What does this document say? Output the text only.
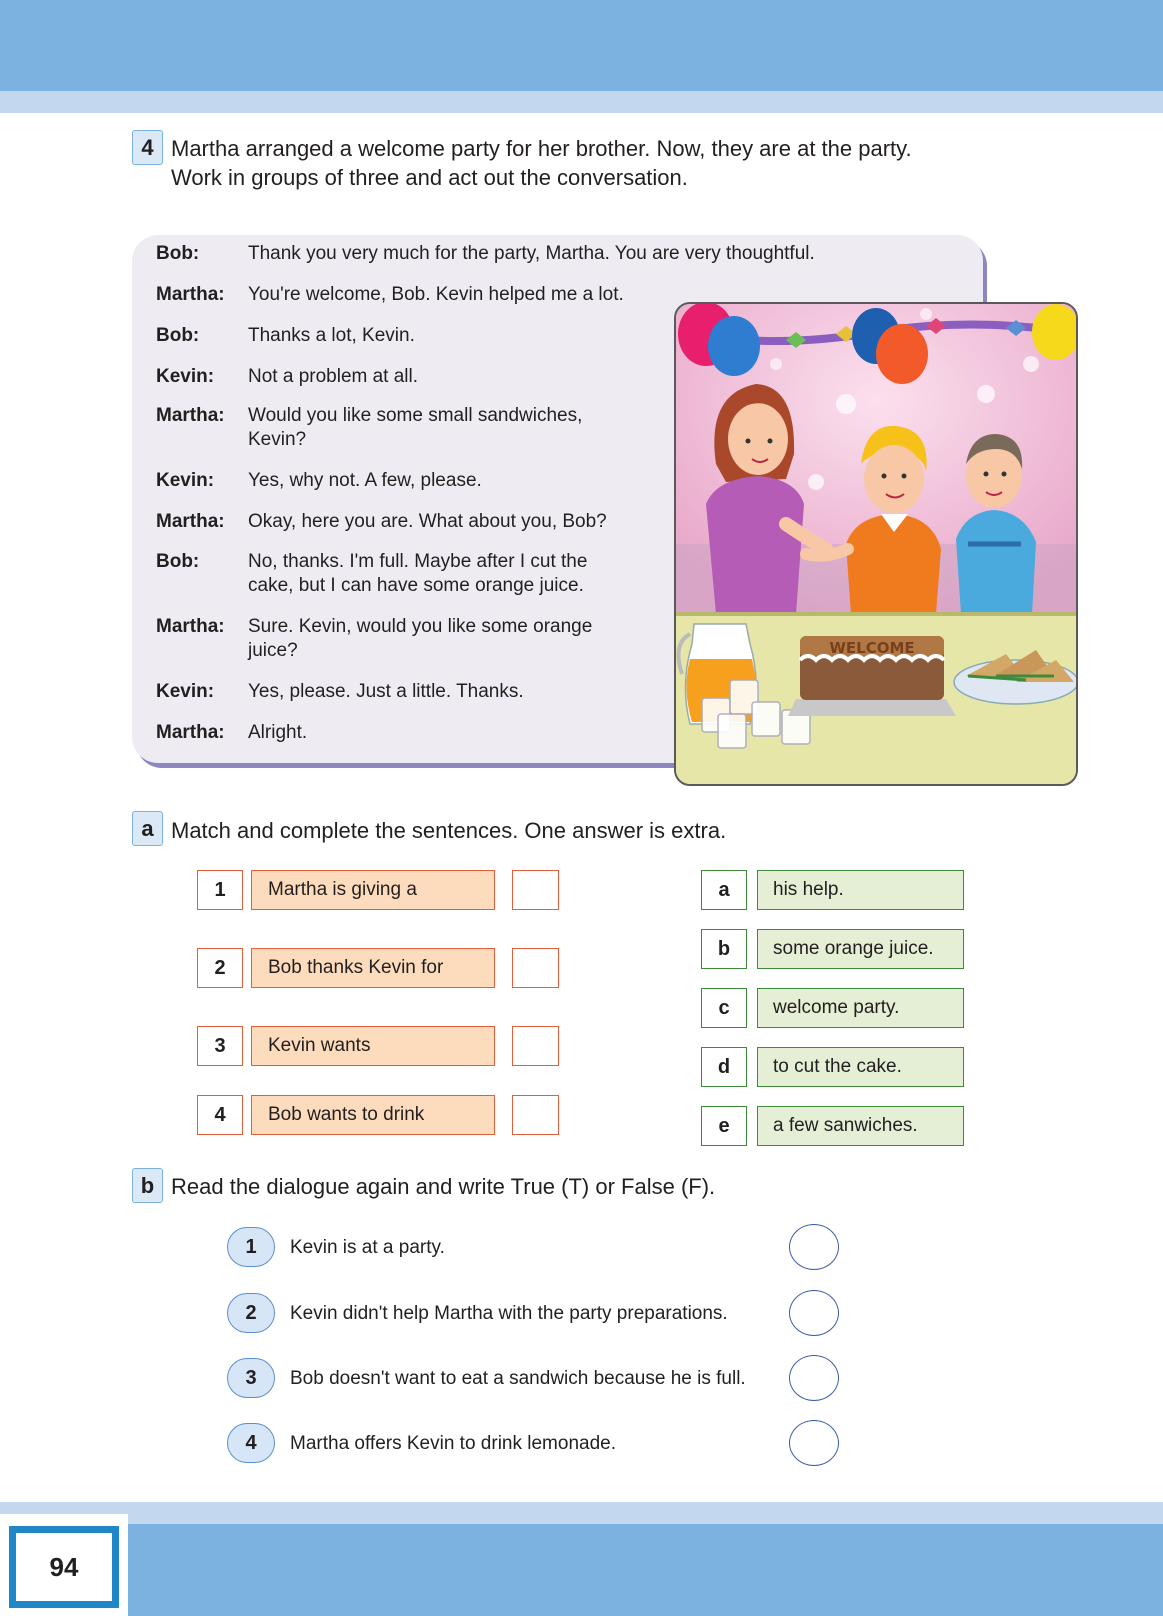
4 Martha arranged a welcome party for her brother. Now, they are at the party.
Work in groups of three and act out the conversation.
Bob:	Thank you very much for the party, Martha. You are very thoughtful.
Martha:	You're welcome, Bob. Kevin helped me a lot.
Bob:	Thanks a lot, Kevin.
Kevin:	Not a problem at all.
Martha:	Would you like some small sandwiches,
Kevin?
Kevin:	Yes, why not. A few, please.
Martha:	Okay, here you are. What about you, Bob?
Bob:	No, thanks. I'm full. Maybe after I cut the
cake, but I can have some orange juice.
Martha:	Sure. Kevin, would you like some orange
juice?
Kevin:	Yes, please. Just a little. Thanks.
Martha:	Alright.
WELCOME
a Match and complete the sentences. One answer is extra.
1	Martha is giving a
2	Bob thanks Kevin for
3	Kevin wants
4	Bob wants to drink
a	his help.
b	some orange juice.
c	welcome party.
d	to cut the cake.
e	a few sanwiches.
b Read the dialogue again and write True (T) or False (F).
1	Kevin is at a party.
2	Kevin didn't help Martha with the party preparations.
3	Bob doesn't want to eat a sandwich because he is full.
4	Martha offers Kevin to drink lemonade.
94
